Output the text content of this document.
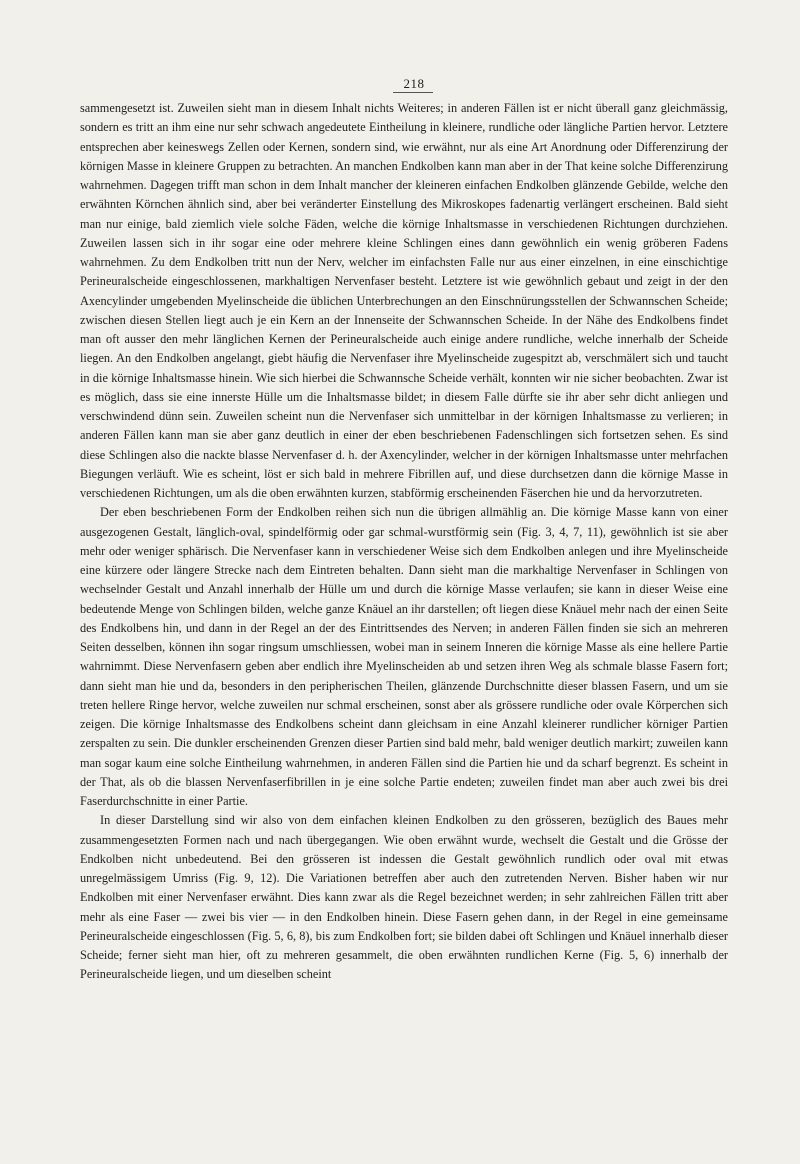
218

sammengesetzt ist. Zuweilen sieht man in diesem Inhalt nichts Weiteres; in anderen Fällen ist er nicht überall ganz gleichmässig, sondern es tritt an ihm eine nur sehr schwach angedeutete Eintheilung in kleinere, rundliche oder längliche Partien hervor. Letztere entsprechen aber keineswegs Zellen oder Kernen, sondern sind, wie erwähnt, nur als eine Art Anordnung oder Differenzirung der körnigen Masse in kleinere Gruppen zu betrachten. An manchen Endkolben kann man aber in der That keine solche Differenzirung wahrnehmen. Dagegen trifft man schon in dem Inhalt mancher der kleineren einfachen Endkolben glänzende Gebilde, welche den erwähnten Körnchen ähnlich sind, aber bei veränderter Einstellung des Mikroskopes fadenartig verlängert erscheinen. Bald sieht man nur einige, bald ziemlich viele solche Fäden, welche die körnige Inhaltsmasse in verschiedenen Richtungen durchziehen. Zuweilen lassen sich in ihr sogar eine oder mehrere kleine Schlingen eines dann gewöhnlich ein wenig gröberen Fadens wahrnehmen. Zu dem Endkolben tritt nun der Nerv, welcher im einfachsten Falle nur aus einer einzelnen, in eine einschichtige Perineuralscheide eingeschlossenen, markhaltigen Nervenfaser besteht. Letztere ist wie gewöhnlich gebaut und zeigt in der den Axencylinder umgebenden Myelinscheide die üblichen Unterbrechungen an den Einschnürungsstellen der Schwannschen Scheide; zwischen diesen Stellen liegt auch je ein Kern an der Innenseite der Schwannschen Scheide. In der Nähe des Endkolbens findet man oft ausser den mehr länglichen Kernen der Perineuralscheide auch einige andere rundliche, welche innerhalb der Scheide liegen. An den Endkolben angelangt, giebt häufig die Nervenfaser ihre Myelinscheide zugespitzt ab, verschmälert sich und taucht in die körnige Inhaltsmasse hinein. Wie sich hierbei die Schwannsche Scheide verhält, konnten wir nie sicher beobachten. Zwar ist es möglich, dass sie eine innerste Hülle um die Inhaltsmasse bildet; in diesem Falle dürfte sie ihr aber sehr dicht anliegen und verschwindend dünn sein. Zuweilen scheint nun die Nervenfaser sich unmittelbar in der körnigen Inhaltsmasse zu verlieren; in anderen Fällen kann man sie aber ganz deutlich in einer der eben beschriebenen Fadenschlingen sich fortsetzen sehen. Es sind diese Schlingen also die nackte blasse Nervenfaser d. h. der Axencylinder, welcher in der körnigen Inhaltsmasse unter mehrfachen Biegungen verläuft. Wie es scheint, löst er sich bald in mehrere Fibrillen auf, und diese durchsetzen dann die körnige Masse in verschiedenen Richtungen, um als die oben erwähnten kurzen, stabförmig erscheinenden Fäserchen hie und da hervorzutreten.

Der eben beschriebenen Form der Endkolben reihen sich nun die übrigen allmählig an. Die körnige Masse kann von einer ausgezogenen Gestalt, länglich-oval, spindelförmig oder gar schmal-wurstförmig sein (Fig. 3, 4, 7, 11), gewöhnlich ist sie aber mehr oder weniger sphärisch. Die Nervenfaser kann in verschiedener Weise sich dem Endkolben anlegen und ihre Myelinscheide eine kürzere oder längere Strecke nach dem Eintreten behalten. Dann sieht man die markhaltige Nervenfaser in Schlingen von wechselnder Gestalt und Anzahl innerhalb der Hülle um und durch die körnige Masse verlaufen; sie kann in dieser Weise eine bedeutende Menge von Schlingen bilden, welche ganze Knäuel an ihr darstellen; oft liegen diese Knäuel mehr nach der einen Seite des Endkolbens hin, und dann in der Regel an der des Eintrittsendes des Nerven; in anderen Fällen finden sie sich an mehreren Seiten desselben, können ihn sogar ringsum umschliessen, wobei man in seinem Inneren die körnige Masse als eine hellere Partie wahrnimmt. Diese Nervenfasern geben aber endlich ihre Myelinscheiden ab und setzen ihren Weg als schmale blasse Fasern fort; dann sieht man hie und da, besonders in den peripherischen Theilen, glänzende Durchschnitte dieser blassen Fasern, und um sie treten hellere Ringe hervor, welche zuweilen nur schmal erscheinen, sonst aber als grössere rundliche oder ovale Körperchen sich zeigen. Die körnige Inhaltsmasse des Endkolbens scheint dann gleichsam in eine Anzahl kleinerer rundlicher körniger Partien zerspalten zu sein. Die dunkler erscheinenden Grenzen dieser Partien sind bald mehr, bald weniger deutlich markirt; zuweilen kann man sogar kaum eine solche Eintheilung wahrnehmen, in anderen Fällen sind die Partien hie und da scharf begrenzt. Es scheint in der That, als ob die blassen Nervenfaserfibrillen in je eine solche Partie endeten; zuweilen findet man aber auch zwei bis drei Faserdurchschnitte in einer Partie.

In dieser Darstellung sind wir also von dem einfachen kleinen Endkolben zu den grösseren, bezüglich des Baues mehr zusammengesetzten Formen nach und nach übergegangen. Wie oben erwähnt wurde, wechselt die Gestalt und die Grösse der Endkolben nicht unbedeutend. Bei den grösseren ist indessen die Gestalt gewöhnlich rundlich oder oval mit etwas unregelmässigem Umriss (Fig. 9, 12). Die Variationen betreffen aber auch den zutretenden Nerven. Bisher haben wir nur Endkolben mit einer Nervenfaser erwähnt. Dies kann zwar als die Regel bezeichnet werden; in sehr zahlreichen Fällen tritt aber mehr als eine Faser — zwei bis vier — in den Endkolben hinein. Diese Fasern gehen dann, in der Regel in eine gemeinsame Perineuralscheide eingeschlossen (Fig. 5, 6, 8), bis zum Endkolben fort; sie bilden dabei oft Schlingen und Knäuel innerhalb dieser Scheide; ferner sieht man hier, oft zu mehreren gesammelt, die oben erwähnten rundlichen Kerne (Fig. 5, 6) innerhalb der Perineuralscheide liegen, und um dieselben scheint
